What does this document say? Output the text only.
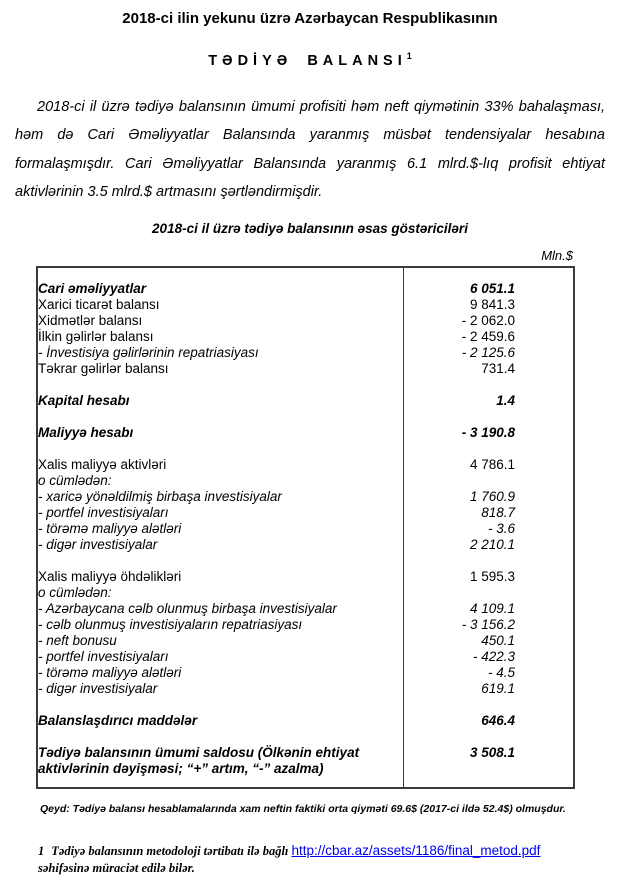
2018-ci ilin yekunu üzrə Azərbaycan Respublikasının
TƏDİYƏ BALANSI$^1$
2018-ci il üzrə tədiyə balansının ümumi profisiti həm neft qiymətinin 33% bahalaşması, həm də Cari Əməliyyatlar Balansında yaranmış müsbət tendensiyalar hesabına formalaşmışdır. Cari Əməliyyatlar Balansında yaranmış 6.1 mlrd.$-lıq profisit ehtiyat aktivlərinin 3.5 mlrd.$ artmasını şərtləndirmişdir.
2018-ci il üzrə tədiyə balansının əsas göstəriciləri
Mln.$
Cari əməliyyatlar	6 051.1
Xarici ticarət balansı	9 841.3
Xidmətlər balansı	- 2 062.0
İlkin gəlirlər balansı	- 2 459.6
- İnvestisiya gəlirlərinin repatriasiyası	- 2 125.6
Təkrar gəlirlər balansı	731.4

Kapital hesabı	1.4

Maliyyə hesabı	- 3 190.8

Xalis maliyyə aktivləri	4 786.1
o cümlədən:	
- xaricə yönəldilmiş birbaşa investisiyalar	1 760.9
- portfel investisiyaları	818.7
- törəmə maliyyə alətləri	- 3.6
- digər investisiyalar	2 210.1

Xalis maliyyə öhdəlikləri	1 595.3
o cümlədən:	
- Azərbaycana cəlb olunmuş birbaşa investisiyalar	4 109.1
- cəlb olunmuş investisiyaların repatriasiyası	- 3 156.2
- neft bonusu	450.1
- portfel investisiyaları	- 422.3
- törəmə maliyyə alətləri	- 4.5
- digər investisiyalar	619.1

Balanslaşdırıcı maddələr	646.4

Tədiyə balansının ümumi saldosu (Ölkənin ehtiyat aktivlərinin dəyişməsi; “+” artım, “-” azalma)	3 508.1
Qeyd: Tədiyə balansı hesablamalarında xam neftin faktiki orta qiyməti 69.6$ (2017-ci ildə 52.4$) olmuşdur.
1 Tədiyə balansının metodoloji tərtibatı ilə bağlı http://cbar.az/assets/1186/final_metod.pdf səhifəsinə müraciət edilə bilər.
